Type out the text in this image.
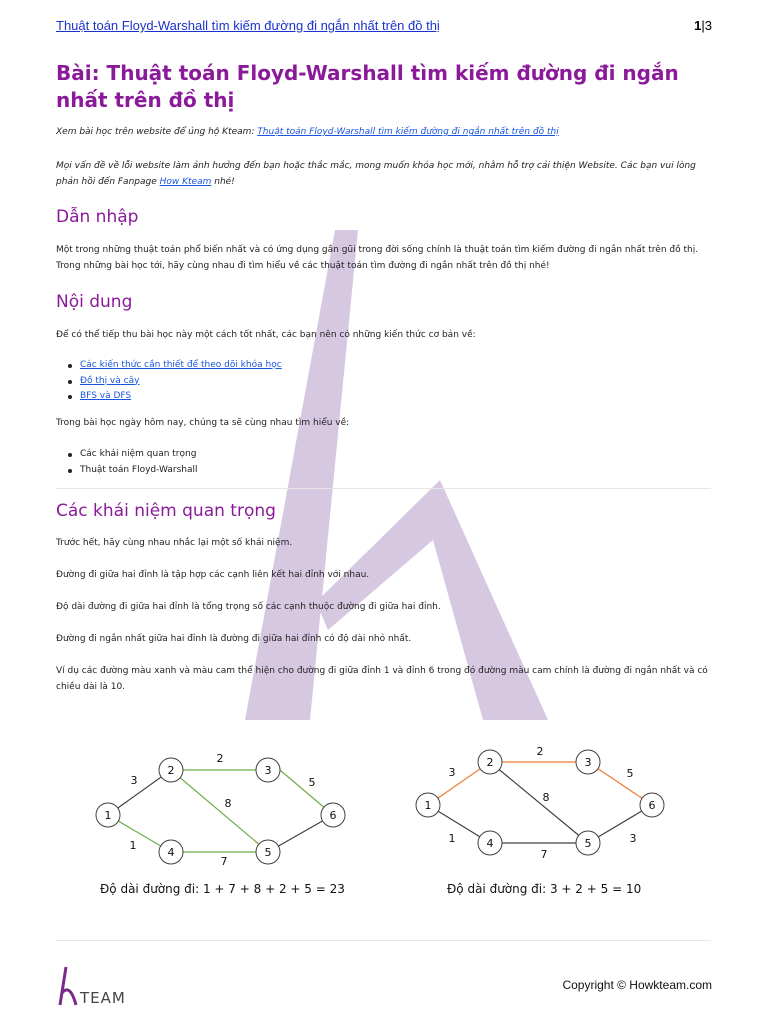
Thuật toán Floyd-Warshall tìm kiếm đường đi ngắn nhất trên đồ thị	1|3
Bài: Thuật toán Floyd-Warshall tìm kiếm đường đi ngắn nhất trên đồ thị

Xem bài học trên website để ủng hộ Kteam: Thuật toán Floyd-Warshall tìm kiếm đường đi ngắn nhất trên đồ thị

Mọi vấn đề về lỗi website làm ảnh hưởng đến bạn hoặc thắc mắc, mong muốn khóa học mới, nhằm hỗ trợ cải thiện Website. Các bạn vui lòng phản hồi đến Fanpage How Kteam nhé!

Dẫn nhập

Một trong những thuật toán phổ biến nhất và có ứng dụng gần gũi trong đời sống chính là thuật toán tìm kiếm đường đi ngắn nhất trên đồ thị. Trong những bài học tới, hãy cùng nhau đi tìm hiểu về các thuật toán tìm đường đi ngắn nhất trên đồ thị nhé!

Nội dung

Để có thể tiếp thu bài học này một cách tốt nhất, các bạn nên có những kiến thức cơ bản về:

Các kiến thức cần thiết để theo dõi khóa học
Đồ thị và cây
BFS và DFS

Trong bài học ngày hôm nay, chúng ta sẽ cùng nhau tìm hiểu về:

Các khái niệm quan trọng
Thuật toán Floyd-Warshall
Các khái niệm quan trọng

Trước hết, hãy cùng nhau nhắc lại một số khái niệm.

Đường đi giữa hai đỉnh là tập hợp các cạnh liên kết hai đỉnh với nhau.

Độ dài đường đi giữa hai đỉnh là tổng trọng số các cạnh thuộc đường đi giữa hai đỉnh.

Đường đi ngắn nhất giữa hai đỉnh là đường đi giữa hai đỉnh có độ dài nhỏ nhất.

Ví dụ các đường màu xanh và màu cam thể hiện cho đường đi giữa đỉnh 1 và đỉnh 6 trong đó đường màu cam chính là đường đi ngắn nhất và có chiều dài là 10.

1
2	3
4	5
6
3
2
5
1
7
8
Độ dài đường đi: 1 + 7 + 8 + 2 + 5 = 23
1
2	3
4	5
6
3
2
5
1
7
8
3
Độ dài đường đi: 3 + 2 + 5 = 10
TEAM
Copyright © Howkteam.com
